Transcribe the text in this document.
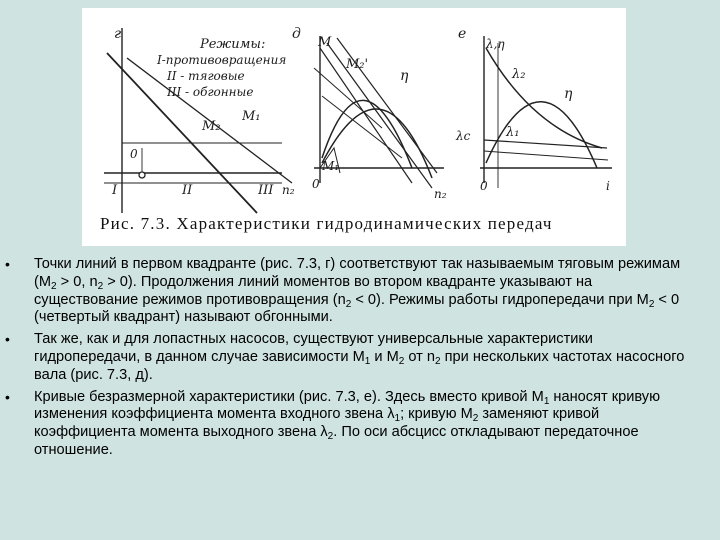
г
Режимы:
I-противовращения
II - тяговые
III - обгонные
M₂
M₁
0
I	II	III n₂
д
M
M₂'
η
M₁
0
n₂
е
λ,η
λ₂
η
λc	λ₁
0	i
Рис. 7.3. Характеристики гидродинамических передач
• Точки линий в первом квадранте (рис. 7.3, г) соответствуют так называемым тяговым режимам ($M_2 > 0$, $n_2 > 0$). Продолжения линий моментов во втором квадранте указывают на существование режимов противовращения $(n_2 < 0)$. Режимы работы гидропередачи при $M_2 < 0$ (четвертый квадрант) называют обгонными.
• Так же, как и для лопастных насосов, существуют универсальные характеристики гидропередачи, в данном случае зависимости $M_1$ и $M_2$ от $n_2$ при нескольких частотах насосного вала (рис. 7.3, д).
• Кривые безразмерной характеристики (рис. 7.3, е). Здесь вместо кривой $M_1$ наносят кривую изменения коэффициента момента входного звена $\lambda_1$; кривую $M_2$ заменяют кривой коэффициента момента выходного звена $\lambda_2$. По оси абсцисс откладывают передаточное отношение.
